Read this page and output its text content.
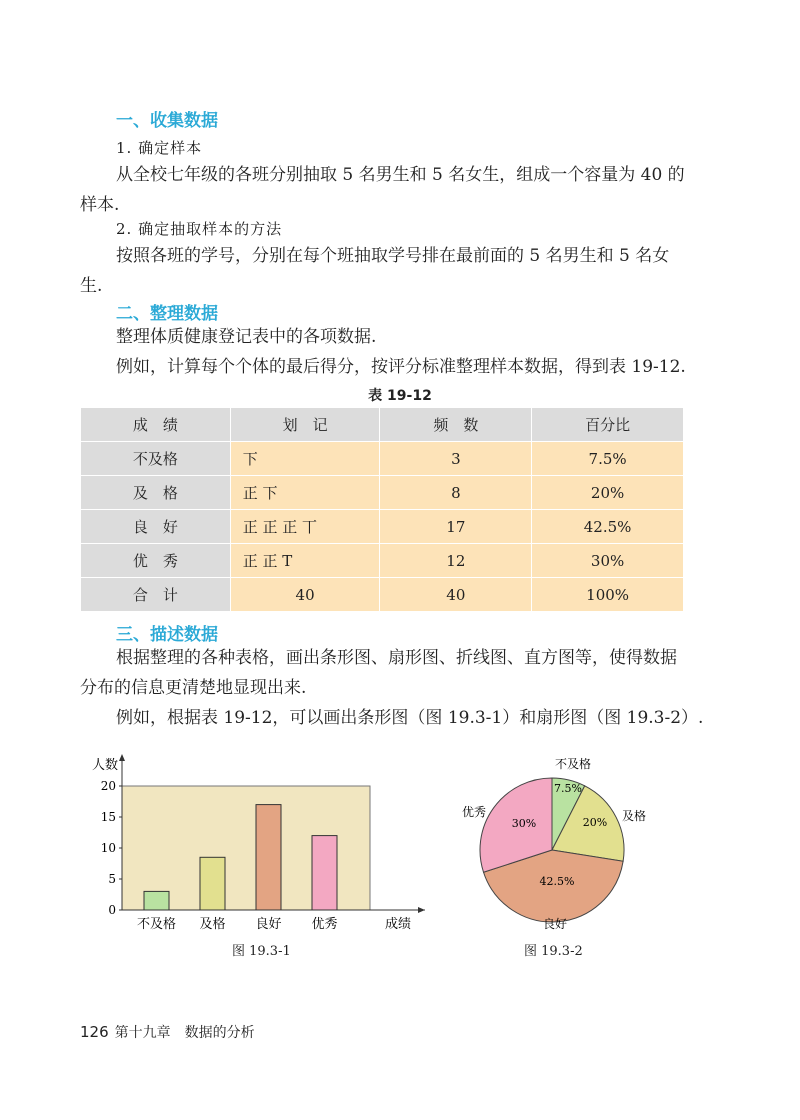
一、收集数据
1. 确定样本
从全校七年级的各班分别抽取 5 名男生和 5 名女生，组成一个容量为 40 的样本.
2. 确定抽取样本的方法
按照各班的学号，分别在每个班抽取学号排在最前面的 5 名男生和 5 名女生.
二、整理数据
整理体质健康登记表中的各项数据.
例如，计算每个个体的最后得分，按评分标准整理样本数据，得到表 19-12.
表 19-12
成　绩	划　记	频　数	百分比
不及格	下	3	7.5%
及　格	正 下	8	20%
良　好	正 正 正 丅	17	42.5%
优　秀	正 正 T	12	30%
合　计	40	40	100%
三、描述数据
根据整理的各种表格，画出条形图、扇形图、折线图、直方图等，使得数据分布的信息更清楚地显现出来.
例如，根据表 19-12，可以画出条形图（图 19.3-1）和扇形图（图 19.3-2）.
0
5
10
15
20
人数
成绩
不及格 及格 良好 优秀
图 19.3-1
7.5%
不及格
20% 及格
42.5%
良好
30%
优秀
图 19.3-2
126 第十九章　数据的分析
